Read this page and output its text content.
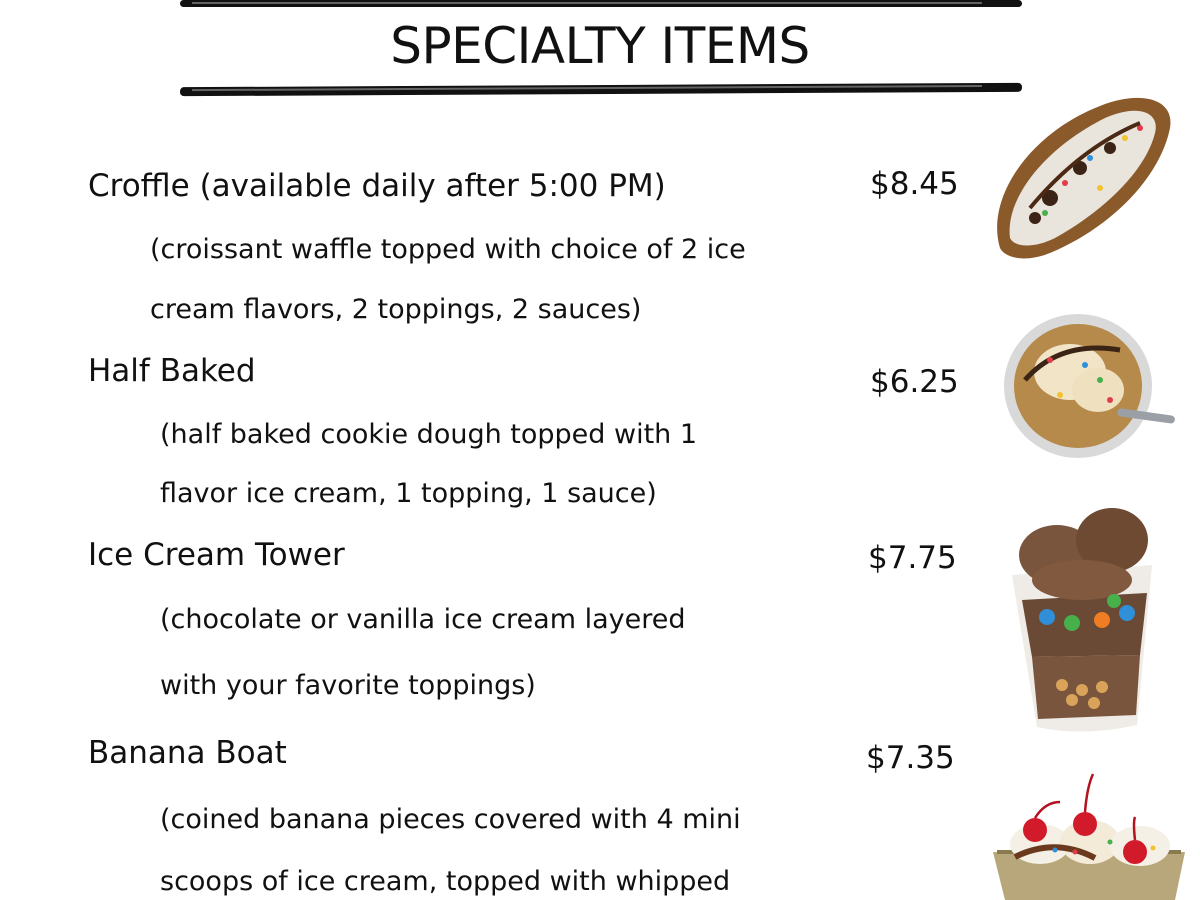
SPECIALTY ITEMS
Croffle (available daily after 5:00 PM)
(croissant waffle topped with choice of 2 ice
cream flavors, 2 toppings, 2 sauces)
$8.45
Half Baked
(half baked cookie dough topped with 1
flavor ice cream, 1 topping, 1 sauce)
$6.25
Ice Cream Tower
(chocolate or vanilla ice cream layered
with your favorite toppings)
$7.75
Banana Boat
(coined banana pieces covered with 4 mini
scoops of ice cream, topped with whipped
$7.35
